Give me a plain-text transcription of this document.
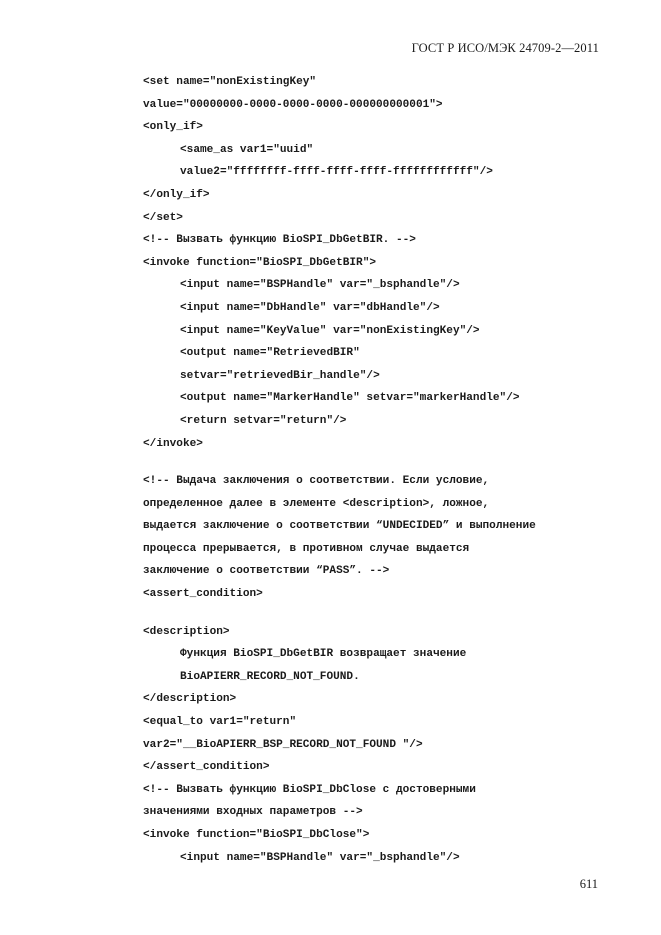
ГОСТ Р ИСО/МЭК 24709-2—2011
<set name="nonExistingKey"
value="00000000-0000-0000-0000-000000000001">
<only_if>
<same_as var1="uuid"
value2="ffffffff-ffff-ffff-ffff-ffffffffffff"/>
</only_if>
</set>
<!-- Вызвать функцию BioSPI_DbGetBIR. -->
<invoke function="BioSPI_DbGetBIR">
<input name="BSPHandle" var="_bsphandle"/>
<input name="DbHandle" var="dbHandle"/>
<input name="KeyValue" var="nonExistingKey"/>
<output name="RetrievedBIR"
setvar="retrievedBir_handle"/>
<output name="MarkerHandle" setvar="markerHandle"/>
<return setvar="return"/>
</invoke>
<!-- Выдача заключения о соответствии. Если условие,
определенное далее в элементе <description>, ложное,
выдается заключение о соответствии “UNDECIDED” и выполнение
процесса прерывается, в противном случае выдается
заключение о соответствии “PASS”. -->
<assert_condition>
<description>
Функция BioSPI_DbGetBIR возвращает значение
BioAPIERR_RECORD_NOT_FOUND.
</description>
<equal_to var1="return"
var2="__BioAPIERR_BSP_RECORD_NOT_FOUND "/>
</assert_condition>
<!-- Вызвать функцию BioSPI_DbClose с достоверными
значениями входных параметров -->
<invoke function="BioSPI_DbClose">
<input name="BSPHandle" var="_bsphandle"/>
611
